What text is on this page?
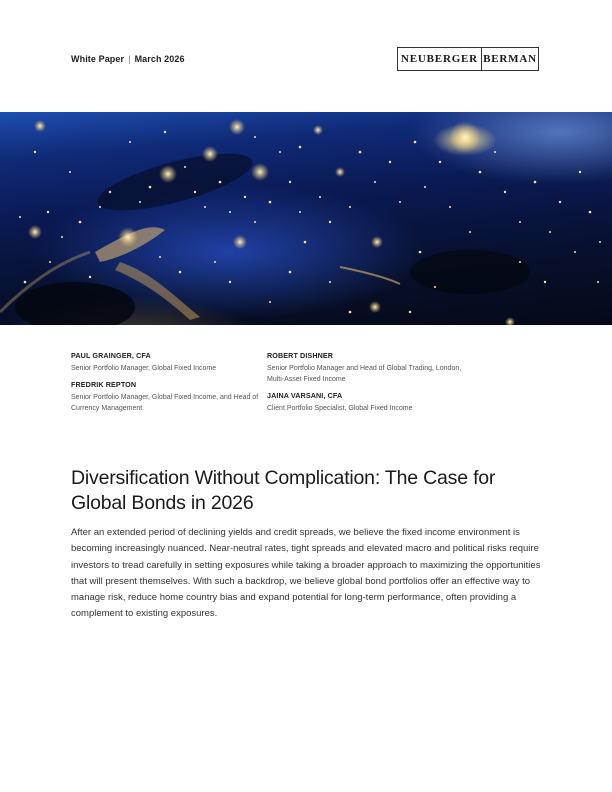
White Paper | March 2026	NEUBERGER BERMAN
PAUL GRAINGER, CFA
Senior Portfolio Manager, Global Fixed Income
FREDRIK REPTON
Senior Portfolio Manager, Global Fixed Income, and Head of Currency Management
ROBERT DISHNER
Senior Portfolio Manager and Head of Global Trading, London, Multi-Asset Fixed Income
JAINA VARSANI, CFA
Client Portfolio Specialist, Global Fixed Income
Diversification Without Complication: The Case for Global Bonds in 2026

After an extended period of declining yields and credit spreads, we believe the fixed income environment is becoming increasingly nuanced. Near-neutral rates, tight spreads and elevated macro and political risks require investors to tread carefully in setting exposures while taking a broader approach to maximizing the opportunities that will present themselves. With such a backdrop, we believe global bond portfolios offer an effective way to manage risk, reduce home country bias and expand potential for long-term performance, often providing a complement to existing exposures.
